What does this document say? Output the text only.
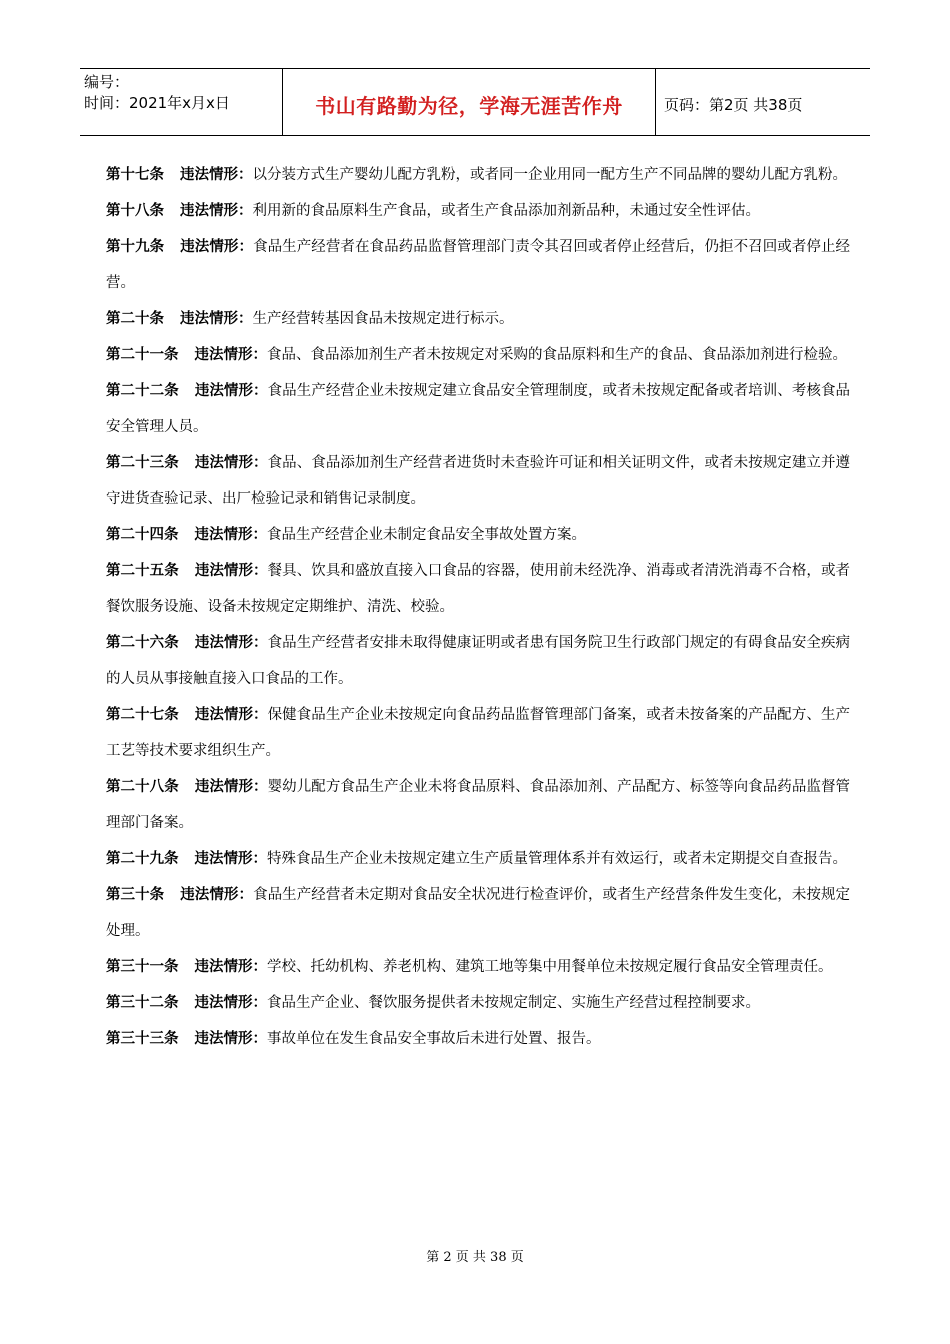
编号：
时间：2021年x月x日	书山有路勤为径，学海无涯苦作舟	页码：第2页 共38页

第十七条 违法情形：以分装方式生产婴幼儿配方乳粉，或者同一企业用同一配方生产不同品牌的婴幼儿配方乳粉。

第十八条 违法情形：利用新的食品原料生产食品，或者生产食品添加剂新品种，未通过安全性评估。

第十九条 违法情形：食品生产经营者在食品药品监督管理部门责令其召回或者停止经营后，仍拒不召回或者停止经营。

第二十条 违法情形：生产经营转基因食品未按规定进行标示。

第二十一条 违法情形：食品、食品添加剂生产者未按规定对采购的食品原料和生产的食品、食品添加剂进行检验。

第二十二条 违法情形：食品生产经营企业未按规定建立食品安全管理制度，或者未按规定配备或者培训、考核食品安全管理人员。

第二十三条 违法情形：食品、食品添加剂生产经营者进货时未查验许可证和相关证明文件，或者未按规定建立并遵守进货查验记录、出厂检验记录和销售记录制度。

第二十四条 违法情形：食品生产经营企业未制定食品安全事故处置方案。

第二十五条 违法情形：餐具、饮具和盛放直接入口食品的容器，使用前未经洗净、消毒或者清洗消毒不合格，或者餐饮服务设施、设备未按规定定期维护、清洗、校验。

第二十六条 违法情形：食品生产经营者安排未取得健康证明或者患有国务院卫生行政部门规定的有碍食品安全疾病的人员从事接触直接入口食品的工作。

第二十七条 违法情形：保健食品生产企业未按规定向食品药品监督管理部门备案，或者未按备案的产品配方、生产工艺等技术要求组织生产。

第二十八条 违法情形：婴幼儿配方食品生产企业未将食品原料、食品添加剂、产品配方、标签等向食品药品监督管理部门备案。

第二十九条 违法情形：特殊食品生产企业未按规定建立生产质量管理体系并有效运行，或者未定期提交自查报告。

第三十条 违法情形：食品生产经营者未定期对食品安全状况进行检查评价，或者生产经营条件发生变化，未按规定处理。

第三十一条 违法情形：学校、托幼机构、养老机构、建筑工地等集中用餐单位未按规定履行食品安全管理责任。

第三十二条 违法情形：食品生产企业、餐饮服务提供者未按规定制定、实施生产经营过程控制要求。

第三十三条 违法情形：事故单位在发生食品安全事故后未进行处置、报告。

第 2 页 共 38 页
